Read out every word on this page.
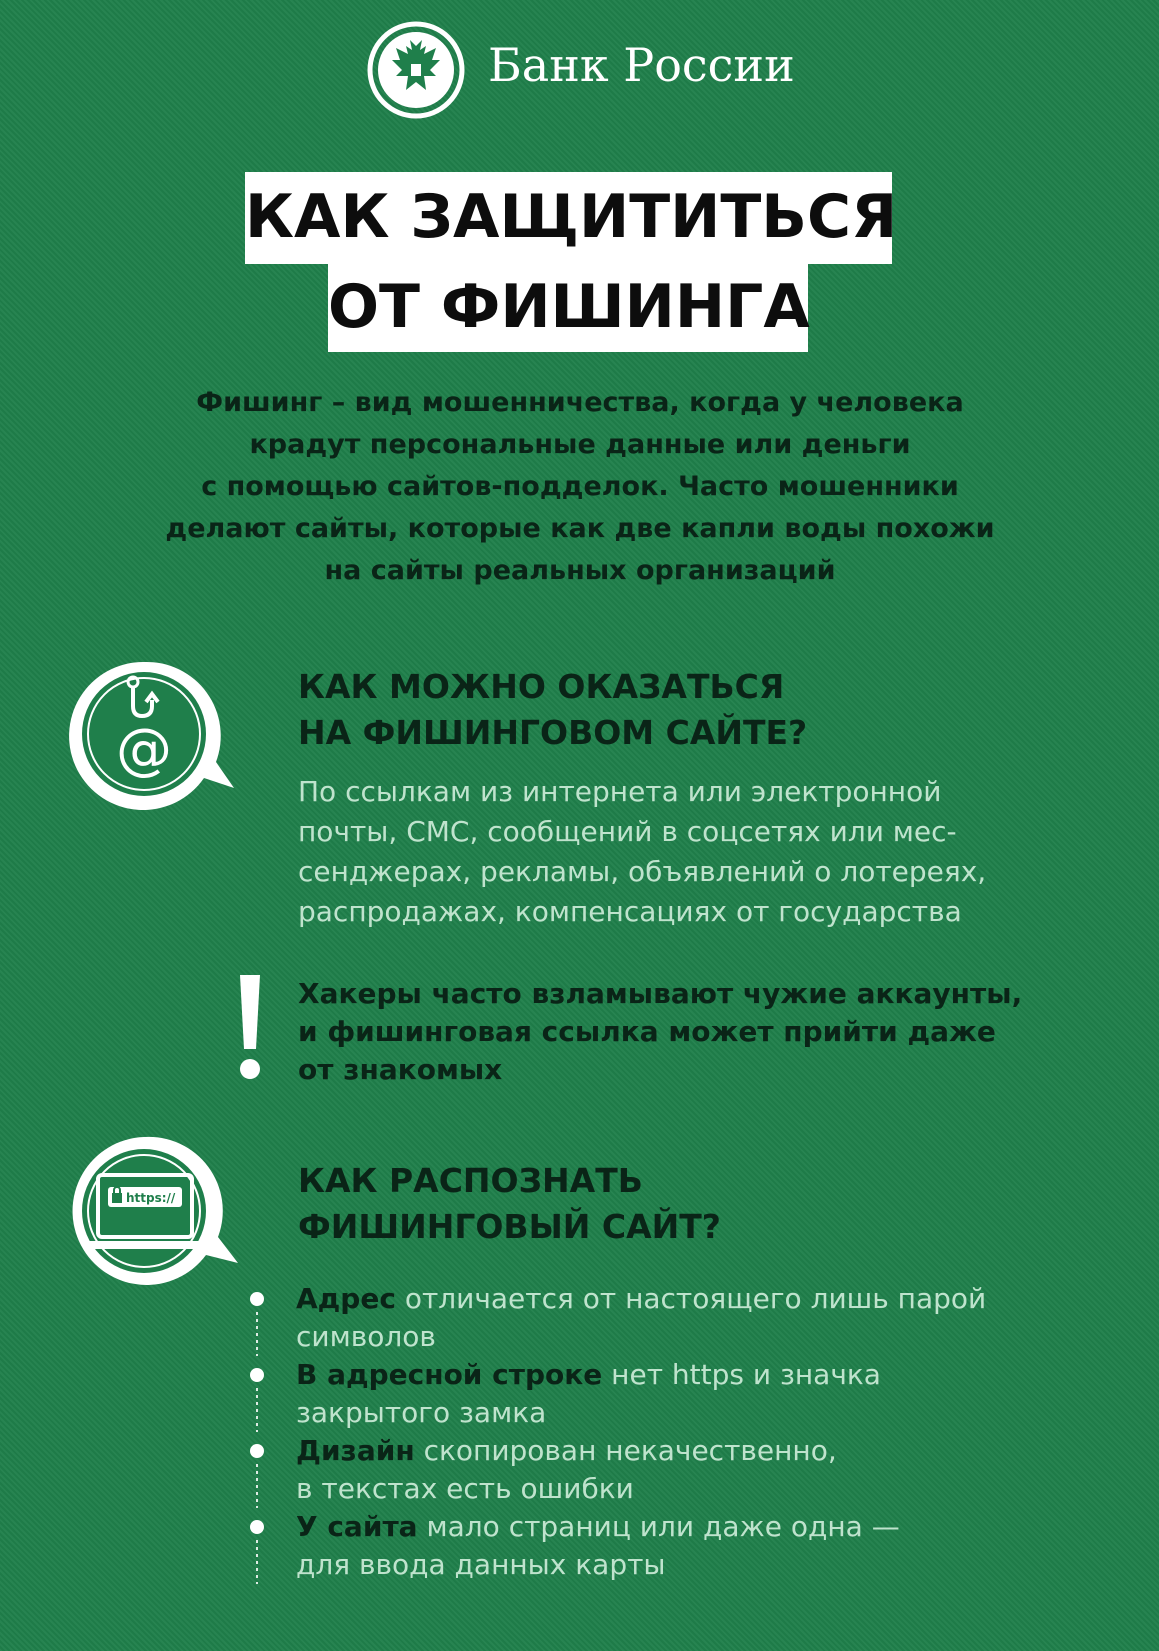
Банк России
КАК ЗАЩИТИТЬСЯ
ОТ ФИШИНГА
Фишинг – вид мошенничества, когда у человека
крадут персональные данные или деньги
с помощью сайтов-подделок. Часто мошенники
делают сайты, которые как две капли воды похожи
на сайты реальных организаций
@
КАК МОЖНО ОКАЗАТЬСЯ
НА ФИШИНГОВОМ САЙТЕ?
По ссылкам из интернета или электронной
почты, СМС, сообщений в соцсетях или мес-
сенджерах, рекламы, объявлений о лотереях,
распродажах, компенсациях от государства
Хакеры часто взламывают чужие аккаунты,
и фишинговая ссылка может прийти даже
от знакомых
https://	КАК РАСПОЗНАТЬ
ФИШИНГОВЫЙ САЙТ?
Адрес отличается от настоящего лишь парой
символов
В адресной строке нет https и значка
закрытого замка
Дизайн скопирован некачественно,
в текстах есть ошибки
У сайта мало страниц или даже одна —
для ввода данных карты
